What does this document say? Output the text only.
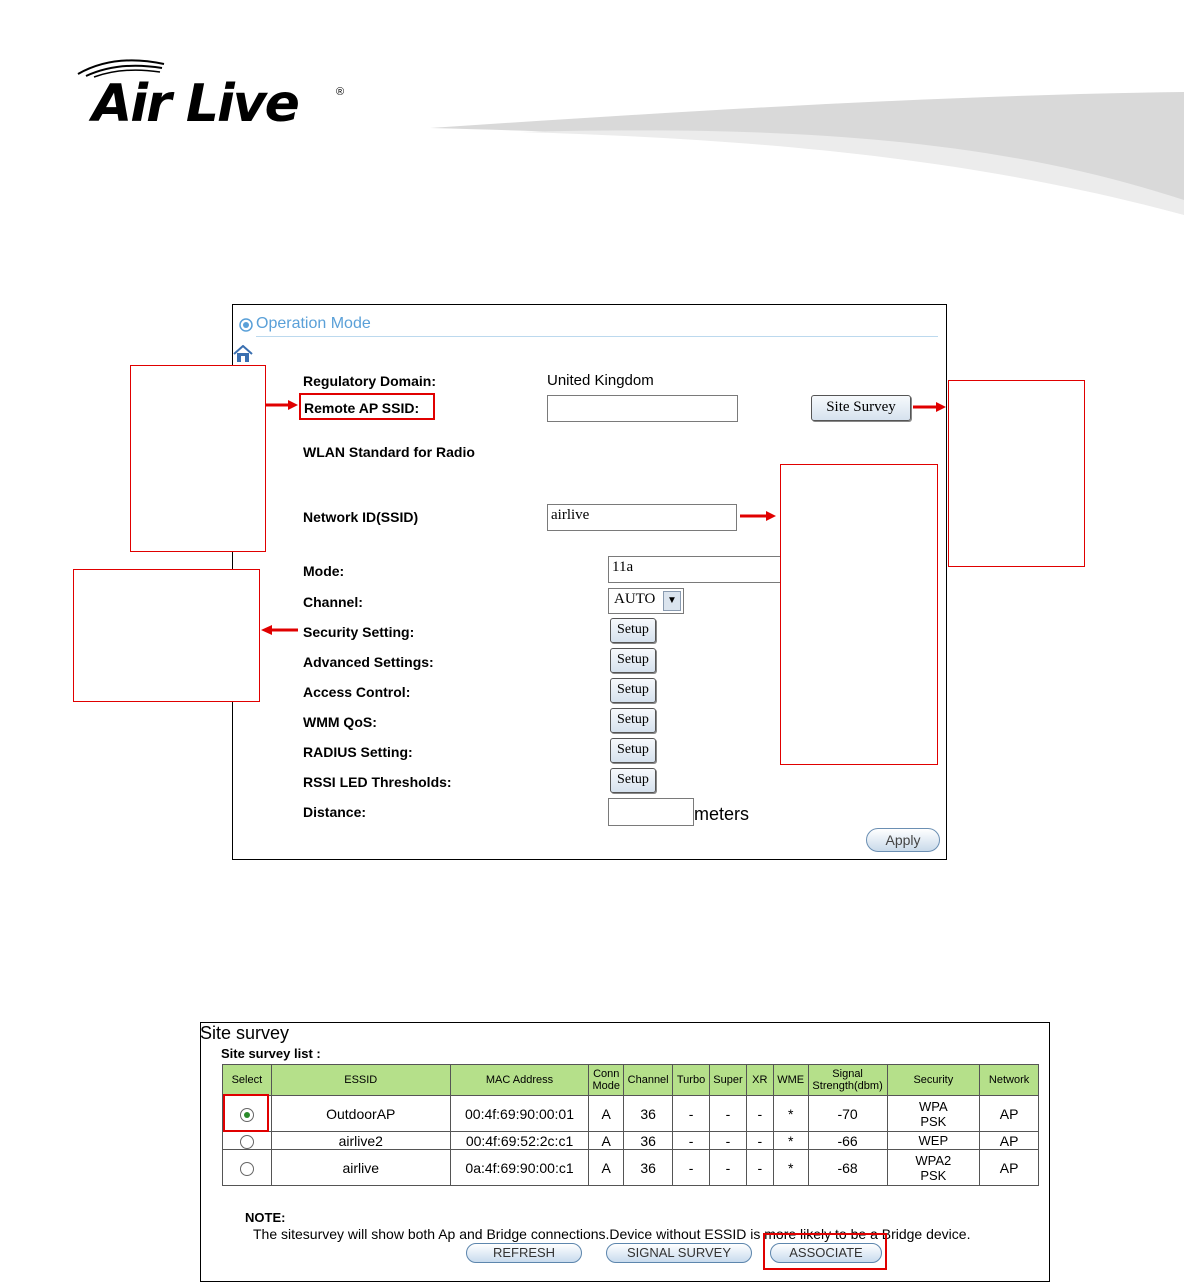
Air Live	®
Operation Mode
Regulatory Domain:	United Kingdom
Remote AP SSID:	Site Survey
WLAN Standard for Radio
Network ID(SSID)	airlive
Mode:	11a
Channel:	AUTO	▼
Security Setting:	Setup
Advanced Settings:	Setup
Access Control:	Setup
WMM QoS:	Setup
RADIUS Setting:	Setup
RSSI LED Thresholds:	Setup
Distance:	meters
Apply
Site survey
Site survey list :
Select	ESSID	MAC Address	Conn Mode	Channel	Turbo	Super	XR	WME	Signal Strength(dbm)	Security	Network
	OutdoorAP	00:4f:69:90:00:01	A	36	-	-	-	*	-70	WPA PSK	AP
	airlive2	00:4f:69:52:2c:c1	A	36	-	-	-	*	-66	WEP	AP
	airlive	0a:4f:69:90:00:c1	A	36	-	-	-	*	-68	WPA2 PSK	AP
NOTE:
The sitesurvey will show both Ap and Bridge connections.Device without ESSID is more likely to be a Bridge device.
REFRESH	SIGNAL SURVEY	ASSOCIATE
